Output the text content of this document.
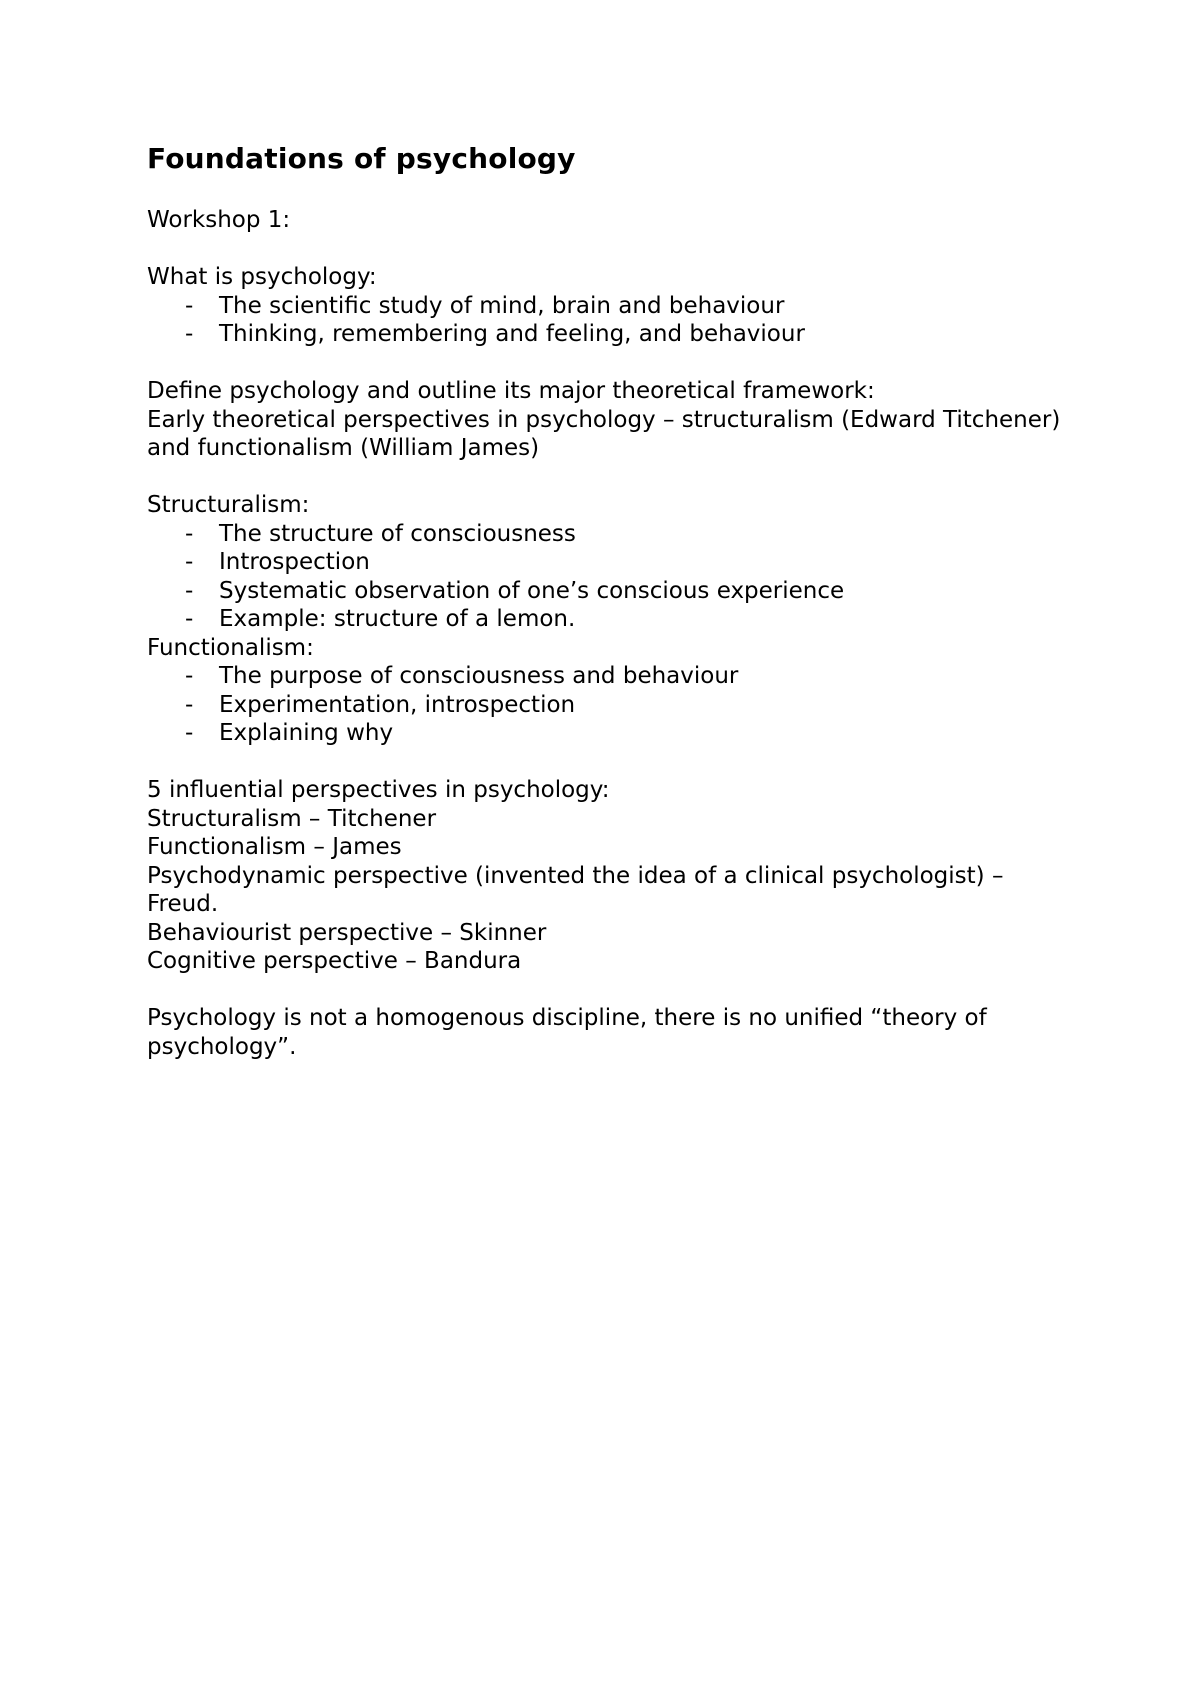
Foundations of psychology

Workshop 1:

What is psychology:

- The scientific study of mind, brain and behaviour
- Thinking, remembering and feeling, and behaviour

Define psychology and outline its major theoretical framework:

Early theoretical perspectives in psychology – structuralism (Edward Titchener) and functionalism (William James)

Structuralism:

- The structure of consciousness
- Introspection
- Systematic observation of one’s conscious experience
- Example: structure of a lemon.

Functionalism:

- The purpose of consciousness and behaviour
- Experimentation, introspection
- Explaining why

5 influential perspectives in psychology:

Structuralism – Titchener

Functionalism – James

Psychodynamic perspective (invented the idea of a clinical psychologist) – Freud.

Behaviourist perspective – Skinner

Cognitive perspective – Bandura

Psychology is not a homogenous discipline, there is no unified “theory of psychology”.
